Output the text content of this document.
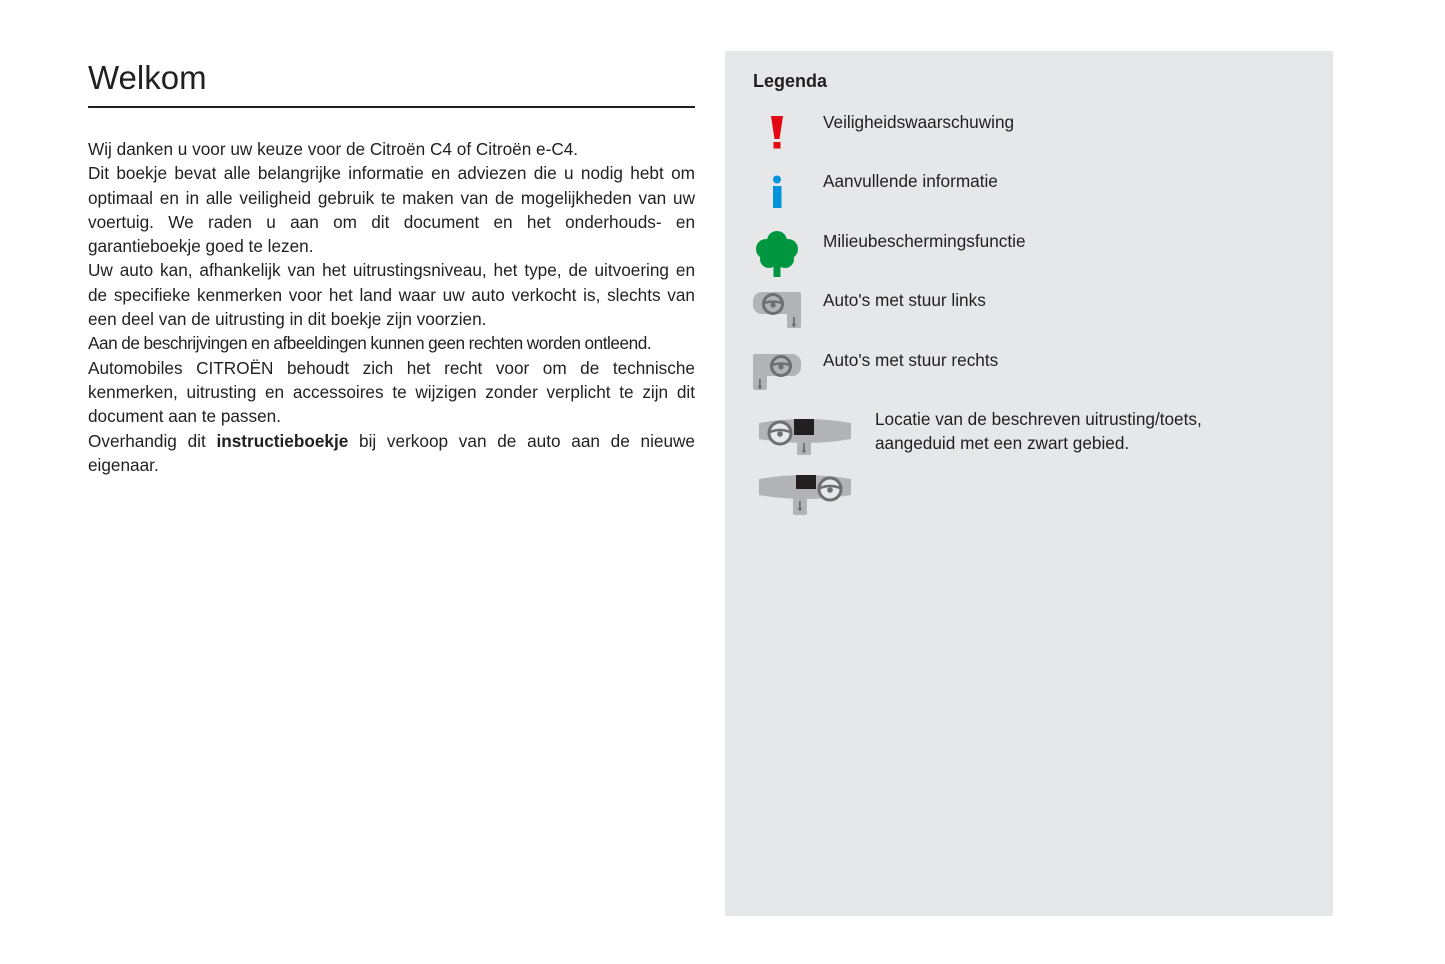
Welkom

Wij danken u voor uw keuze voor de Citroën C4 of Citroën e-C4.

Dit boekje bevat alle belangrijke informatie en adviezen die u nodig hebt om optimaal en in alle veiligheid gebruik te maken van de mogelijkheden van uw voertuig. We raden u aan om dit document en het onderhouds- en garantieboekje goed te lezen.

Uw auto kan, afhankelijk van het uitrustingsniveau, het type, de uitvoering en de specifieke kenmerken voor het land waar uw auto verkocht is, slechts van een deel van de uitrusting in dit boekje zijn voorzien.

Aan de beschrijvingen en afbeeldingen kunnen geen rechten worden ontleend.

Automobiles CITROËN behoudt zich het recht voor om de technische kenmerken, uitrusting en accessoires te wijzigen zonder verplicht te zijn dit document aan te passen.

Overhandig dit instructieboekje bij verkoop van de auto aan de nieuwe eigenaar.

Legenda
Veiligheidswaarschuwing
Aanvullende informatie
Milieubeschermingsfunctie
Auto's met stuur links
Auto's met stuur rechts
Locatie van de beschreven uitrusting/toets, aangeduid met een zwart gebied.
